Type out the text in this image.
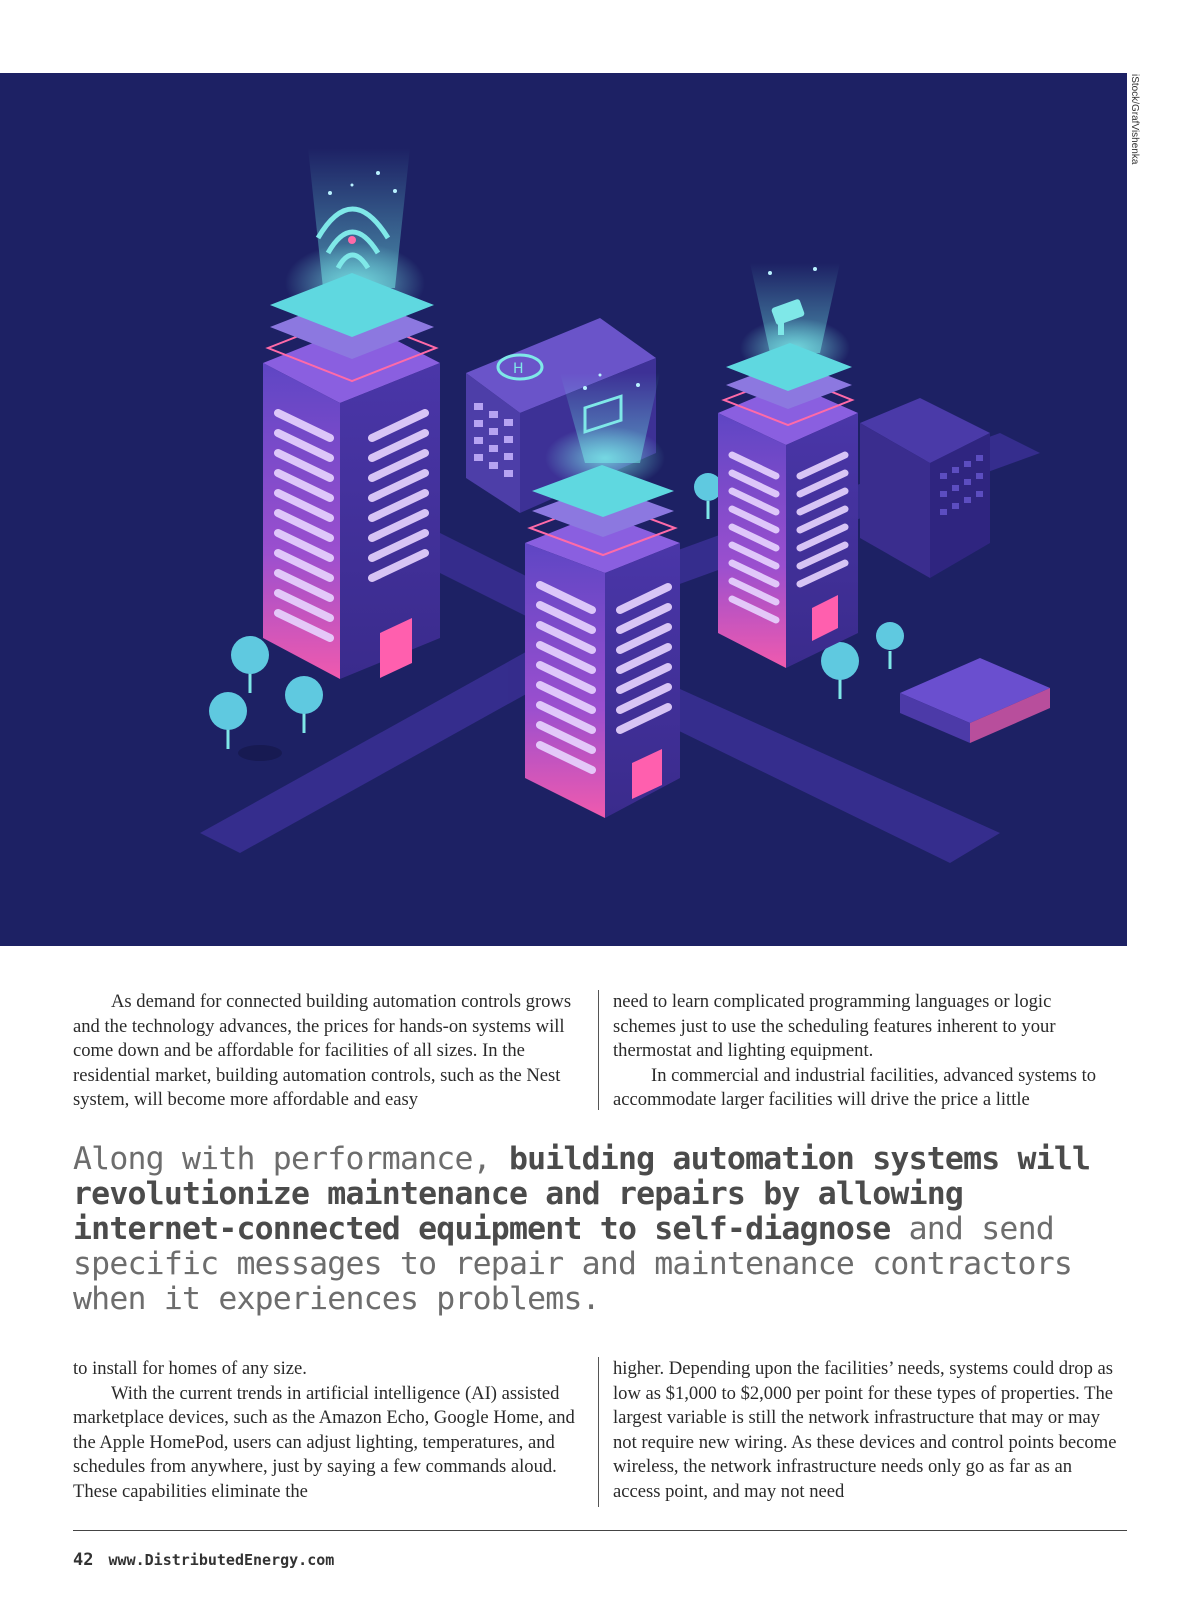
H
iStock/GrafVishenka

As demand for connected building automation controls grows and the technology advances, the prices for hands-on systems will come down and be affordable for facilities of all sizes. In the residential market, building automation controls, such as the Nest system, will become more affordable and easy

need to learn complicated programming languages or logic schemes just to use the scheduling features inherent to your thermostat and lighting equipment.

In commercial and industrial facilities, advanced systems to accommodate larger facilities will drive the price a little

Along with performance, building automation systems will revolutionize maintenance and repairs by allowing internet-connected equipment to self-diagnose and send specific messages to repair and maintenance contractors when it experiences problems.

to install for homes of any size.

With the current trends in artificial intelligence (AI) assisted marketplace devices, such as the Amazon Echo, Google Home, and the Apple HomePod, users can adjust lighting, temperatures, and schedules from anywhere, just by saying a few commands aloud. These capabilities eliminate the

higher. Depending upon the facilities’ needs, systems could drop as low as $1,000 to $2,000 per point for these types of properties. The largest variable is still the network infrastructure that may or may not require new wiring. As these devices and control points become wireless, the network infrastructure needs only go as far as an access point, and may not need

42 www.DistributedEnergy.com
